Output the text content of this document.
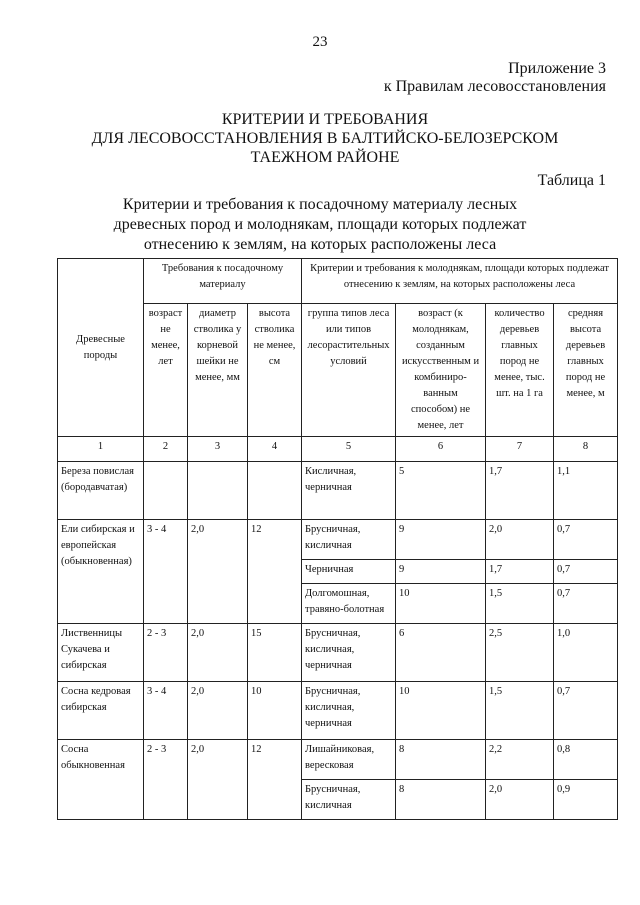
23
Приложение 3
к Правилам лесовосстановления
КРИТЕРИИ И ТРЕБОВАНИЯ
ДЛЯ ЛЕСОВОССТАНОВЛЕНИЯ В БАЛТИЙСКО-БЕЛОЗЕРСКОМ
ТАЕЖНОМ РАЙОНЕ
Таблица 1
Критерии и требования к посадочному материалу лесных
древесных пород и молоднякам, площади которых подлежат
отнесению к землям, на которых расположены леса
Древесные породы	Требования к посадочному материалу			Критерии и требования к молоднякам, площади которых подлежат отнесению к землям, на которых расположены леса			
	возраст не менее, лет	диаметр стволика у корневой шейки не менее, мм	высота стволика не менее, см	группа типов леса или типов лесорастительных условий	возраст (к молоднякам, созданным искусственным и комбиниро-ванным способом) не менее, лет	количество деревьев главных пород не менее, тыс. шт. на 1 га	средняя высота деревьев главных пород не менее, м
1	2	3	4	5	6	7	8
Береза повислая (бородавчатая)				Кисличная, черничная	5	1,7	1,1
Ели сибирская и европейская (обыкновенная)	3 - 4	2,0	12	Брусничная, кисличная	9	2,0	0,7
				Черничная	9	1,7	0,7
				Долгомошная, травяно-болотная	10	1,5	0,7
Лиственницы Сукачева и сибирская	2 - 3	2,0	15	Брусничная, кисличная, черничная	6	2,5	1,0
Сосна кедровая сибирская	3 - 4	2,0	10	Брусничная, кисличная, черничная	10	1,5	0,7
Сосна обыкновенная	2 - 3	2,0	12	Лишайниковая, вересковая	8	2,2	0,8
				Брусничная, кисличная	8	2,0	0,9
